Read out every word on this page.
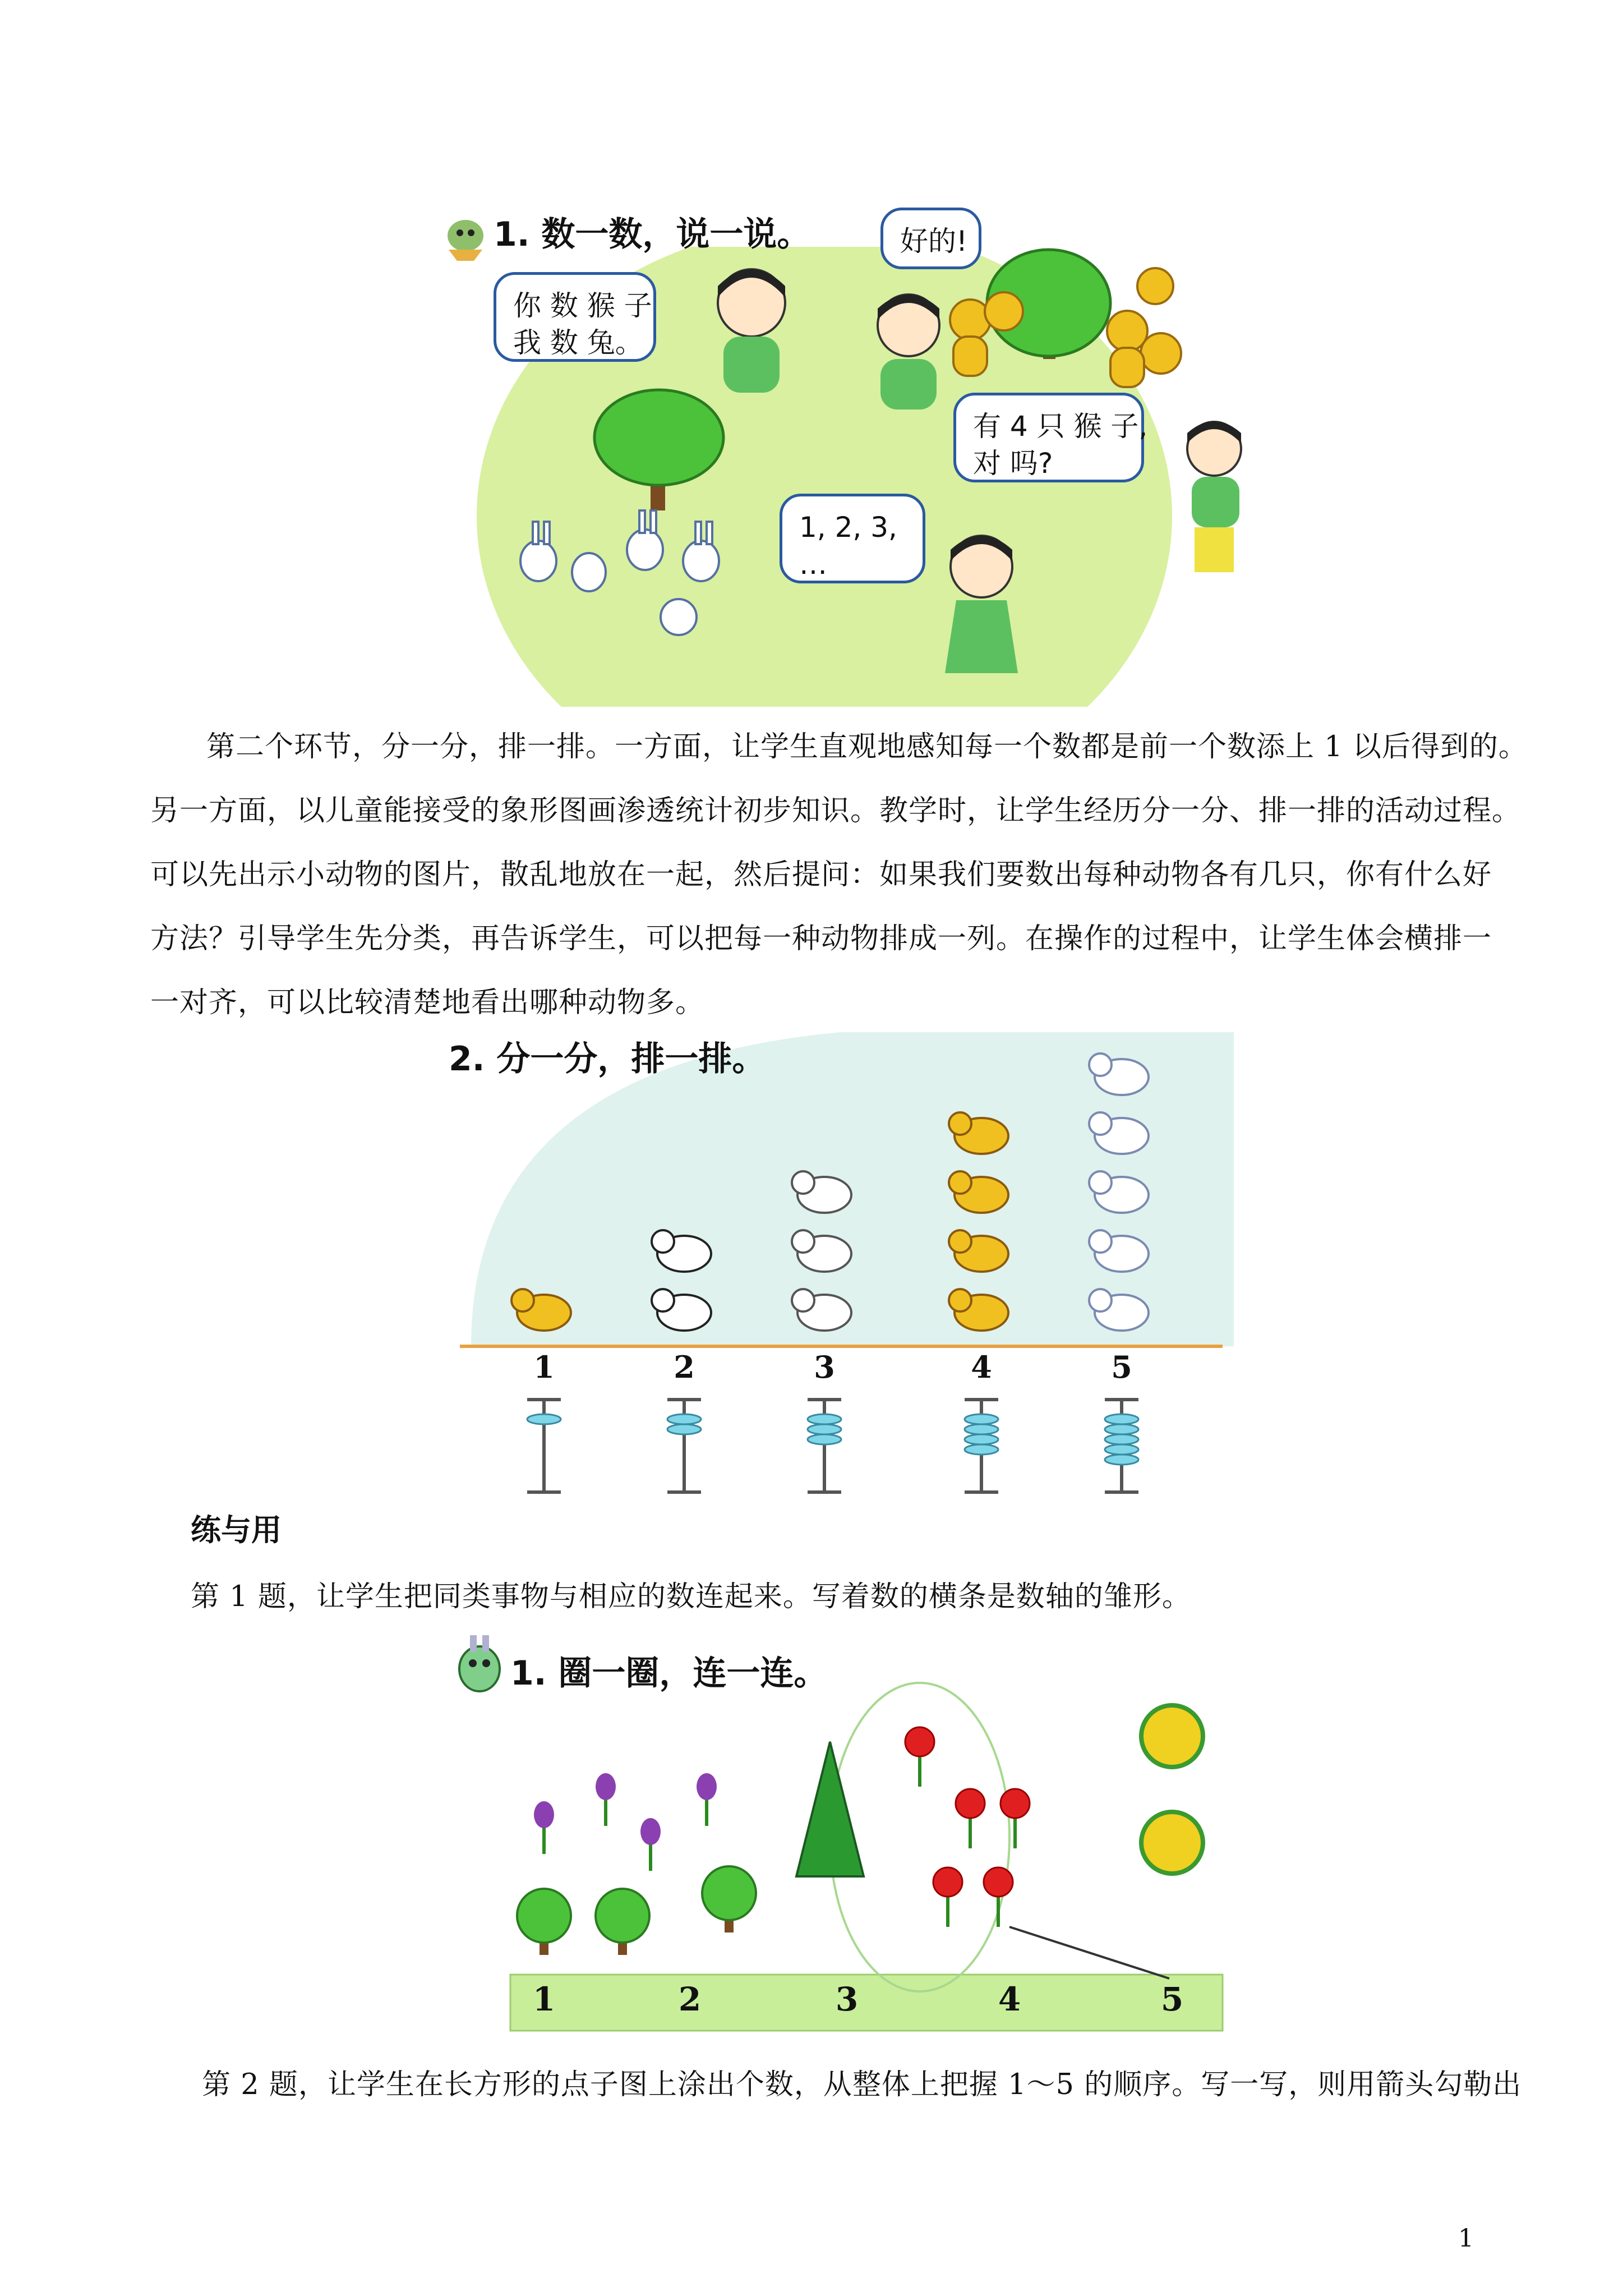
1. 数一数，说一说。	好的!
你 数 猴 子
我 数 兔。
有 4 只 猴 子,
对 吗?
1, 2, 3,
…
第二个环节，分一分，排一排。一方面，让学生直观地感知每一个数都是前一个数添上 1 以后得到的。
另一方面，以儿童能接受的象形图画渗透统计初步知识。教学时，让学生经历分一分、排一排的活动过程。
可以先出示小动物的图片，散乱地放在一起，然后提问：如果我们要数出每种动物各有几只，你有什么好
方法？引导学生先分类，再告诉学生，可以把每一种动物排成一列。在操作的过程中，让学生体会横排一
一对齐，可以比较清楚地看出哪种动物多。
2. 分一分，排一排。
1	2	3	4	5
练与用
第 1 题，让学生把同类事物与相应的数连起来。写着数的横条是数轴的雏形。
1. 圈一圈，连一连。
1	2	3	4	5
第 2 题，让学生在长方形的点子图上涂出个数，从整体上把握 1～5 的顺序。写一写，则用箭头勾勒出
1
